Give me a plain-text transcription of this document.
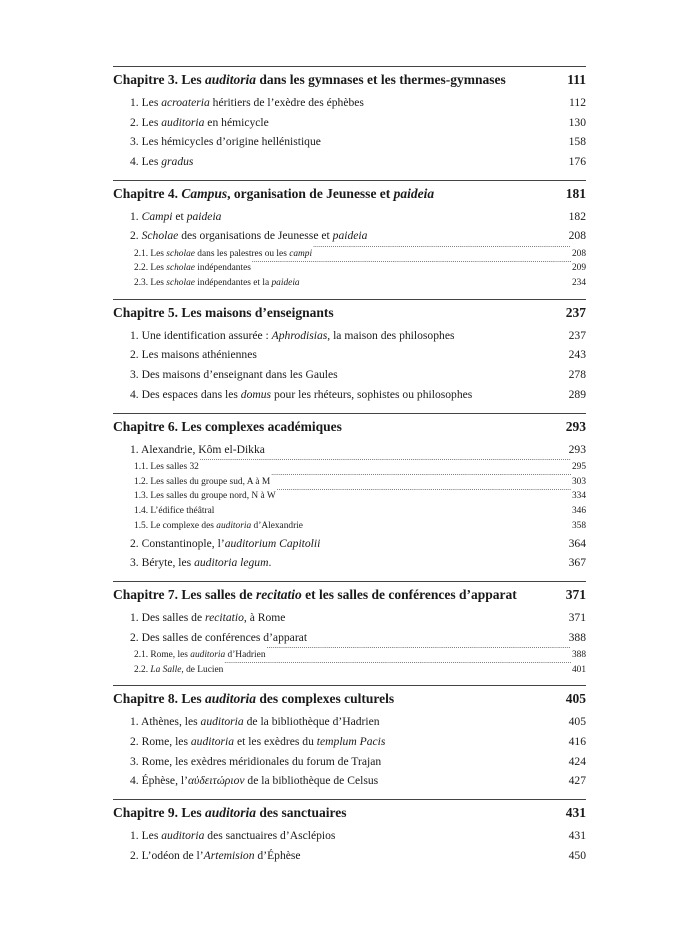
Chapitre 3. Les auditoria dans les gymnases et les thermes-gymnases .....	111
1. Les acroateria héritiers de l’exèdre des éphèbes .....	112
2. Les auditoria en hémicycle .....	130
3. Les hémicycles d’origine hellénistique .....	158
4. Les gradus .....	176
Chapitre 4. Campus, organisation de Jeunesse et paideia .....	181
1. Campi et paideia .....	182
2. Scholae des organisations de Jeunesse et paideia .....	208
2.1. Les scholae dans les palestres ou les campi .....	208
2.2. Les scholae indépendantes .....	209
2.3. Les scholae indépendantes et la paideia .....	234
Chapitre 5. Les maisons d’enseignants .....	237
1. Une identification assurée : Aphrodisias, la maison des philosophes .....	237
2. Les maisons athéniennes .....	243
3. Des maisons d’enseignant dans les Gaules .....	278
4. Des espaces dans les domus pour les rhéteurs, sophistes ou philosophes .....	289
Chapitre 6. Les complexes académiques .....	293
1. Alexandrie, Kôm el-Dikka .....	293
1.1. Les salles 32 .....	295
1.2. Les salles du groupe sud, A à M .....	303
1.3. Les salles du groupe nord, N à W .....	334
1.4. L’édifice théâtral .....	346
1.5. Le complexe des auditoria d’Alexandrie .....	358
2. Constantinople, l’auditorium Capitolii .....	364
3. Béryte, les auditoria legum. .....	367
Chapitre 7. Les salles de recitatio et les salles de conférences d’apparat .....	371
1. Des salles de recitatio, à Rome .....	371
2. Des salles de conférences d’apparat .....	388
2.1. Rome, les auditoria d’Hadrien .....	388
2.2. La Salle, de Lucien .....	401
Chapitre 8. Les auditoria des complexes culturels .....	405
1. Athènes, les auditoria de la bibliothèque d’Hadrien .....	405
2. Rome, les auditoria et les exèdres du templum Pacis .....	416
3. Rome, les exèdres méridionales du forum de Trajan .....	424
4. Éphèse, l’αὐδειτώριον de la bibliothèque de Celsus .....	427
Chapitre 9. Les auditoria des sanctuaires .....	431
1. Les auditoria des sanctuaires d’Asclépios .....	431
2. L’odéon de l’Artemision d’Éphèse .....	450
